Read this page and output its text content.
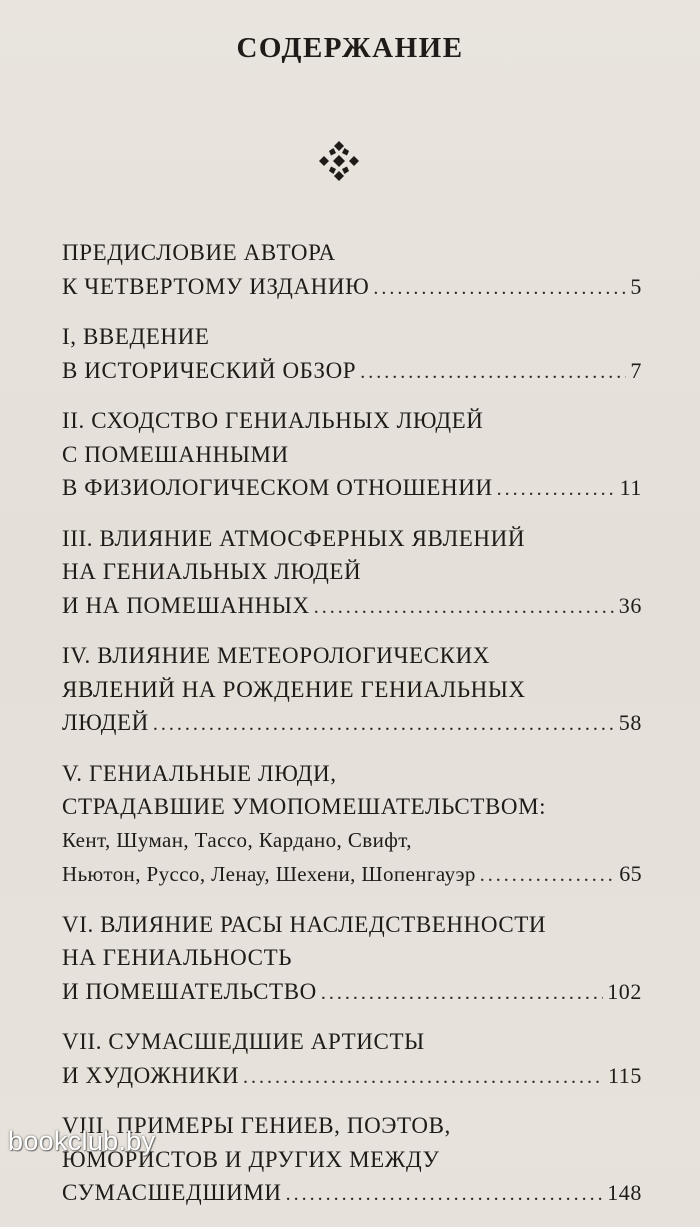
СОДЕРЖАНИЕ
ПРЕДИСЛОВИЕ АВТОРА
К ЧЕТВЕРТОМУ ИЗДАНИЮ .....	5
I, ВВЕДЕНИЕ
В ИСТОРИЧЕСКИЙ ОБЗОР .....	7
II. СХОДСТВО ГЕНИАЛЬНЫХ ЛЮДЕЙ
С ПОМЕШАННЫМИ
В ФИЗИОЛОГИЧЕСКОМ ОТНОШЕНИИ .....	11
III. ВЛИЯНИЕ АТМОСФЕРНЫХ ЯВЛЕНИЙ
НА ГЕНИАЛЬНЫХ ЛЮДЕЙ
И НА ПОМЕШАННЫХ .....	36
IV. ВЛИЯНИЕ МЕТЕОРОЛОГИЧЕСКИХ
ЯВЛЕНИЙ НА РОЖДЕНИЕ ГЕНИАЛЬНЫХ
ЛЮДЕЙ .....	58
V. ГЕНИАЛЬНЫЕ ЛЮДИ,
СТРАДАВШИЕ УМОПОМЕШАТЕЛЬСТВОМ:
Кент, Шуман, Тассо, Кардано, Свифт,
Ньютон, Руссо, Ленау, Шехени, Шопенгауэр .....	65
VI. ВЛИЯНИЕ РАСЫ НАСЛЕДСТВЕННОСТИ
НА ГЕНИАЛЬНОСТЬ
И ПОМЕШАТЕЛЬСТВО .....	102
VII. СУМАСШЕДШИЕ АРТИСТЫ
И ХУДОЖНИКИ .....	115
VIII. ПРИМЕРЫ ГЕНИЕВ, ПОЭТОВ,
ЮМОРИСТОВ И ДРУГИХ МЕЖДУ
СУМАСШЕДШИМИ .....	148
bookclub.by
